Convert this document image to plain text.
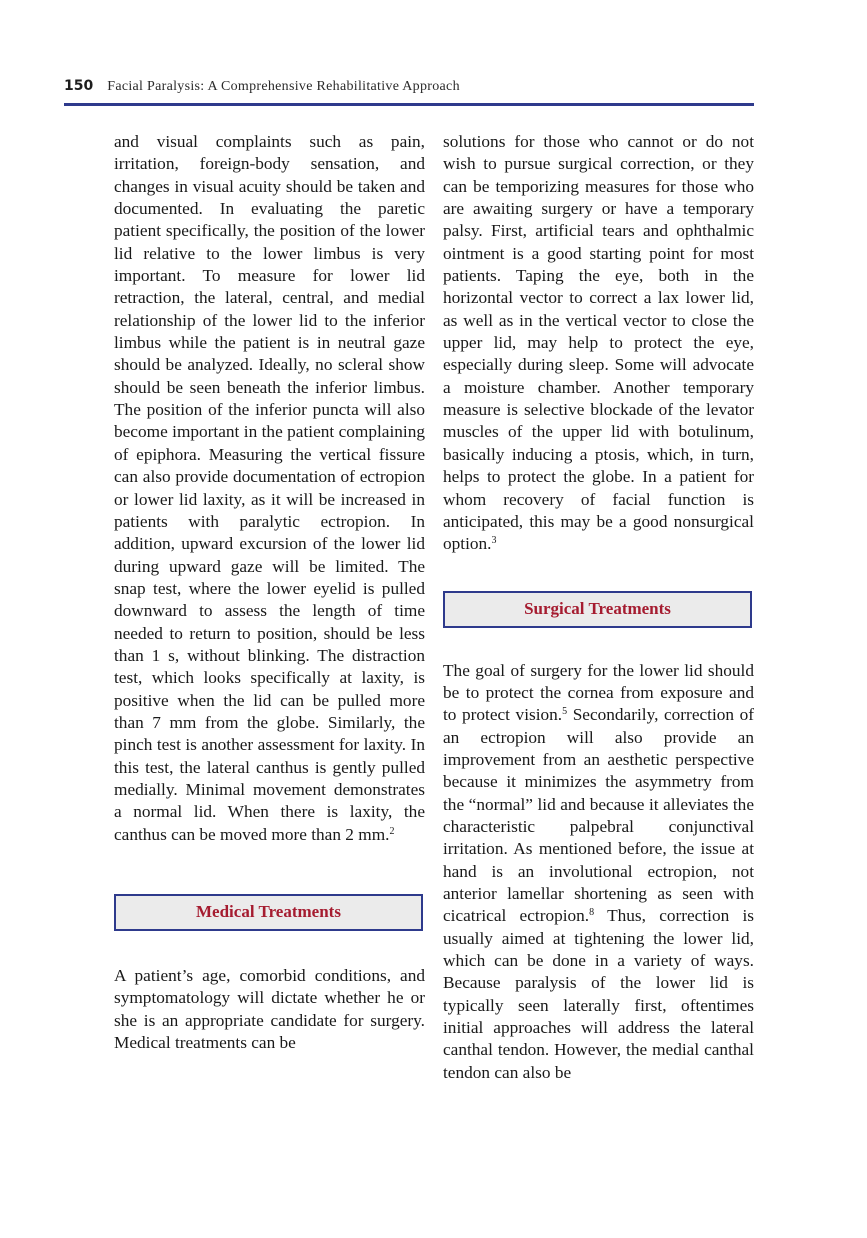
150 Facial Paralysis: A Comprehensive Rehabilitative Approach

and visual complaints such as pain, irritation, foreign-body sensation, and changes in visual acuity should be taken and documented. In evaluating the paretic patient specifically, the position of the lower lid relative to the lower limbus is very important. To measure for lower lid retraction, the lateral, central, and medial relationship of the lower lid to the inferior limbus while the patient is in neutral gaze should be analyzed. Ideally, no scleral show should be seen beneath the inferior limbus. The position of the inferior puncta will also become important in the patient complaining of epiphora. Measuring the vertical fissure can also provide documentation of ectropion or lower lid laxity, as it will be increased in patients with paralytic ectropion. In addition, upward excursion of the lower lid during upward gaze will be limited. The snap test, where the lower eyelid is pulled downward to assess the length of time needed to return to position, should be less than 1 s, without blinking. The distraction test, which looks specifically at laxity, is positive when the lid can be pulled more than 7 mm from the globe. Similarly, the pinch test is another assessment for laxity. In this test, the lateral canthus is gently pulled medially. Minimal movement demonstrates a normal lid. When there is laxity, the canthus can be moved more than 2 mm.$^2$

Medical Treatments

A patient’s age, comorbid conditions, and symptomatology will dictate whether he or she is an appropriate candidate for surgery. Medical treatments can be

solutions for those who cannot or do not wish to pursue surgical correction, or they can be temporizing measures for those who are awaiting surgery or have a temporary palsy. First, artificial tears and ophthalmic ointment is a good starting point for most patients. Taping the eye, both in the horizontal vector to correct a lax lower lid, as well as in the vertical vector to close the upper lid, may help to protect the eye, especially during sleep. Some will advocate a moisture chamber. Another temporary measure is selective blockade of the levator muscles of the upper lid with botulinum, basically inducing a ptosis, which, in turn, helps to protect the globe. In a patient for whom recovery of facial function is anticipated, this may be a good nonsurgical option.$^3$

Surgical Treatments

The goal of surgery for the lower lid should be to protect the cornea from exposure and to protect vision.$^5$ Secondarily, correction of an ectropion will also provide an improvement from an aesthetic perspective because it minimizes the asymmetry from the “normal” lid and because it alleviates the characteristic palpebral conjunctival irritation. As mentioned before, the issue at hand is an involutional ectropion, not anterior lamellar shortening as seen with cicatrical ectropion.$^8$ Thus, correction is usually aimed at tightening the lower lid, which can be done in a variety of ways. Because paralysis of the lower lid is typically seen laterally first, oftentimes initial approaches will address the lateral canthal tendon. However, the medial canthal tendon can also be
